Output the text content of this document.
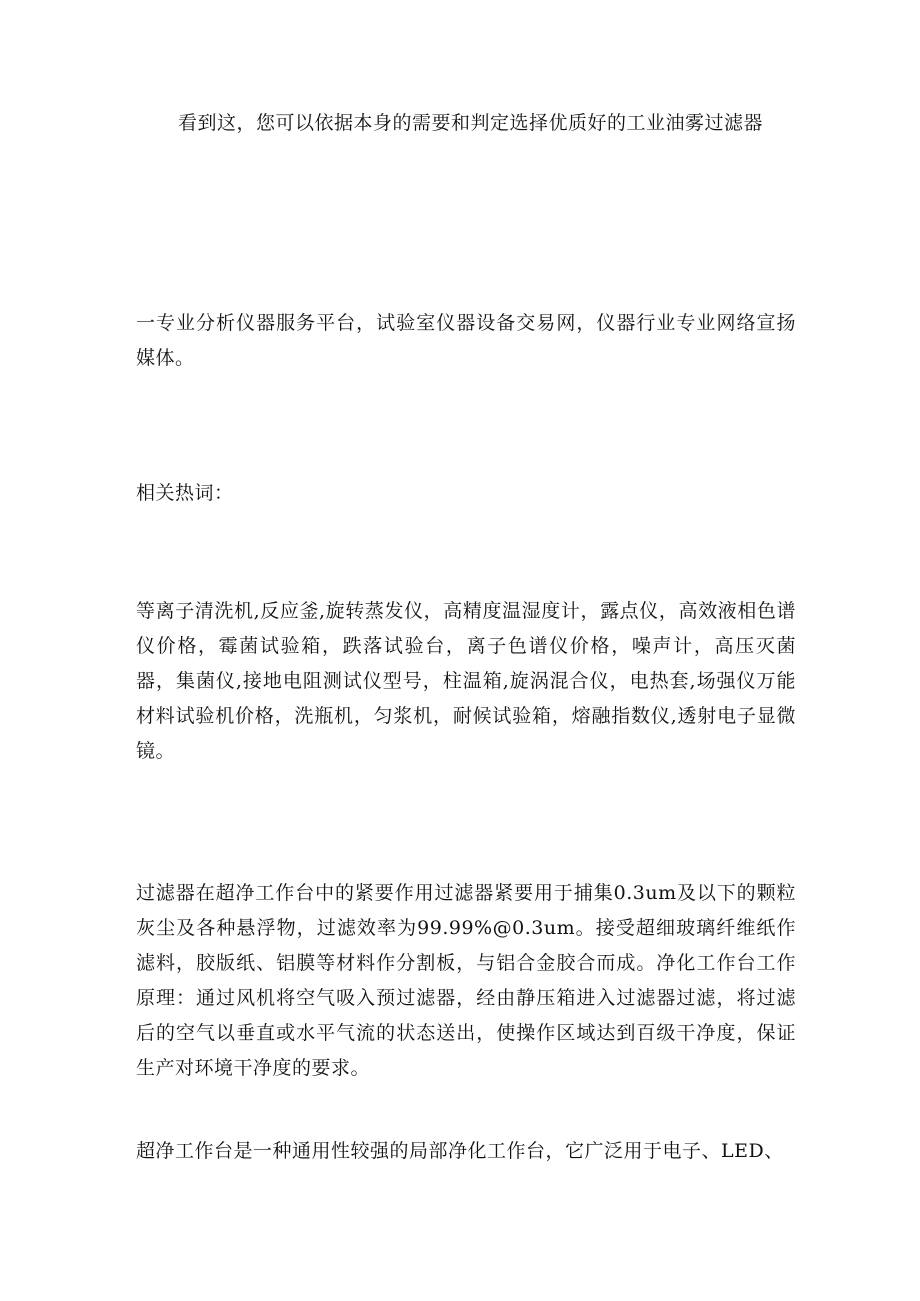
看到这，您可以依据本身的需要和判定选择优质好的工业油雾过滤器

一专业分析仪器服务平台，试验室仪器设备交易网，仪器行业专业网络宣扬媒体。

相关热词：

等离子清洗机,反应釜,旋转蒸发仪，高精度温湿度计，露点仪，高效液相色谱仪价格，霉菌试验箱，跌落试验台，离子色谱仪价格，噪声计，高压灭菌器，集菌仪,接地电阻测试仪型号，柱温箱,旋涡混合仪，电热套,场强仪万能材料试验机价格，洗瓶机，匀浆机，耐候试验箱，熔融指数仪,透射电子显微镜。

过滤器在超净工作台中的紧要作用过滤器紧要用于捕集0.3um及以下的颗粒灰尘及各种悬浮物，过滤效率为99.99%@0.3um。接受超细玻璃纤维纸作滤料，胶版纸、铝膜等材料作分割板，与铝合金胶合而成。净化工作台工作原理：通过风机将空气吸入预过滤器，经由静压箱进入过滤器过滤，将过滤后的空气以垂直或水平气流的状态送出，使操作区域达到百级干净度，保证生产对环境干净度的要求。

超净工作台是一种通用性较强的局部净化工作台，它广泛用于电子、LED、
